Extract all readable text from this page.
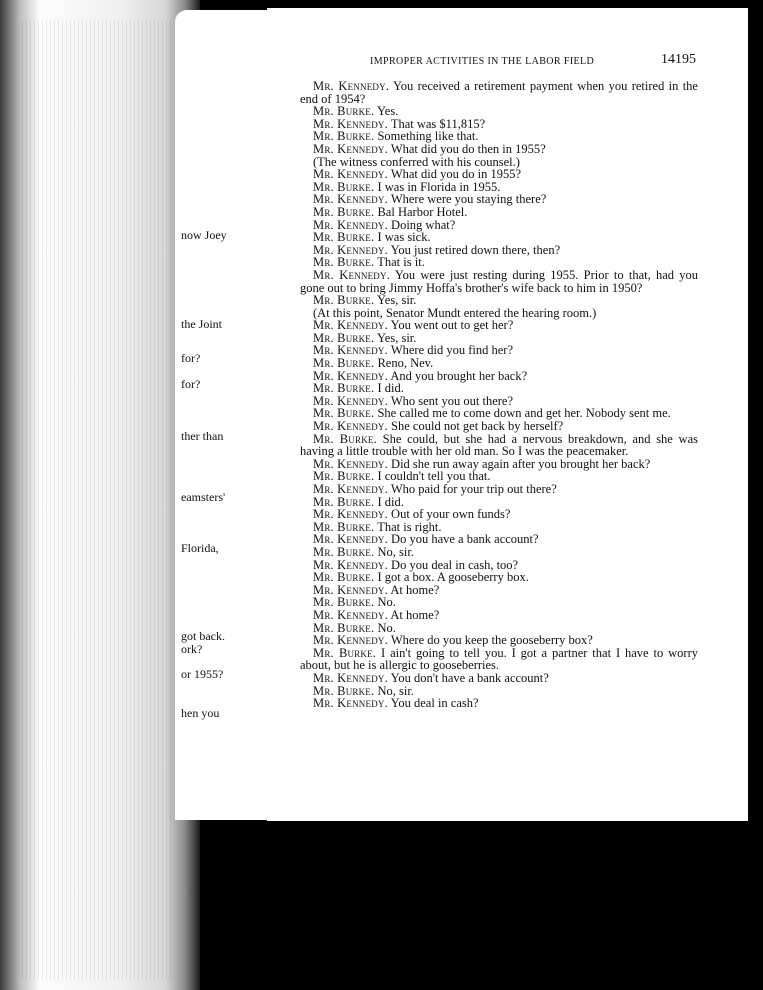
now Joey
the Joint
for?
for?
ther than
eamsters'
Florida,
got back.
ork?
or 1955?
hen you
IMPROPER ACTIVITIES IN THE LABOR FIELD	14195
Mr. Kennedy. You received a retirement payment when you retired in the end of 1954?
Mr. Burke. Yes.
Mr. Kennedy. That was $11,815?
Mr. Burke. Something like that.
Mr. Kennedy. What did you do then in 1955?
(The witness conferred with his counsel.)
Mr. Kennedy. What did you do in 1955?
Mr. Burke. I was in Florida in 1955.
Mr. Kennedy. Where were you staying there?
Mr. Burke. Bal Harbor Hotel.
Mr. Kennedy. Doing what?
Mr. Burke. I was sick.
Mr. Kennedy. You just retired down there, then?
Mr. Burke. That is it.
Mr. Kennedy. You were just resting during 1955. Prior to that, had you gone out to bring Jimmy Hoffa's brother's wife back to him in 1950?
Mr. Burke. Yes, sir.
(At this point, Senator Mundt entered the hearing room.)
Mr. Kennedy. You went out to get her?
Mr. Burke. Yes, sir.
Mr. Kennedy. Where did you find her?
Mr. Burke. Reno, Nev.
Mr. Kennedy. And you brought her back?
Mr. Burke. I did.
Mr. Kennedy. Who sent you out there?
Mr. Burke. She called me to come down and get her. Nobody sent me.
Mr. Kennedy. She could not get back by herself?
Mr. Burke. She could, but she had a nervous breakdown, and she was having a little trouble with her old man. So I was the peacemaker.
Mr. Kennedy. Did she run away again after you brought her back?
Mr. Burke. I couldn't tell you that.
Mr. Kennedy. Who paid for your trip out there?
Mr. Burke. I did.
Mr. Kennedy. Out of your own funds?
Mr. Burke. That is right.
Mr. Kennedy. Do you have a bank account?
Mr. Burke. No, sir.
Mr. Kennedy. Do you deal in cash, too?
Mr. Burke. I got a box. A gooseberry box.
Mr. Kennedy. At home?
Mr. Burke. No.
Mr. Kennedy. At home?
Mr. Burke. No.
Mr. Kennedy. Where do you keep the gooseberry box?
Mr. Burke. I ain't going to tell you. I got a partner that I have to worry about, but he is allergic to gooseberries.
Mr. Kennedy. You don't have a bank account?
Mr. Burke. No, sir.
Mr. Kennedy. You deal in cash?
